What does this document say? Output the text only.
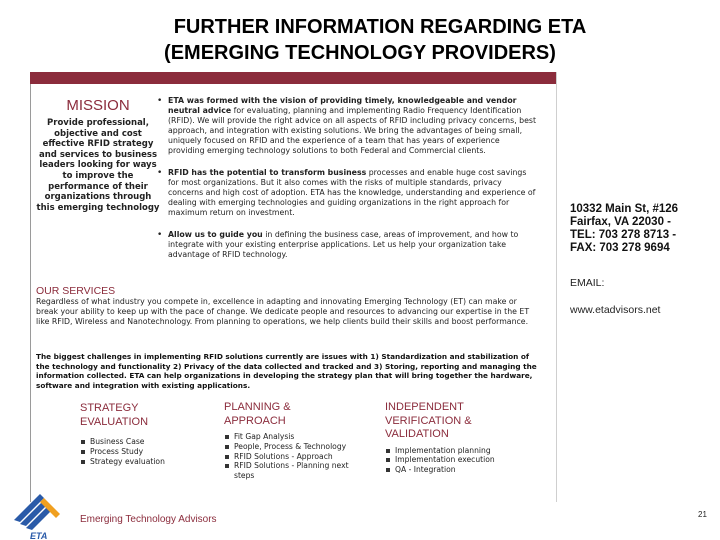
FURTHER INFORMATION REGARDING ETA
(EMERGING TECHNOLOGY PROVIDERS)
MISSION
Provide professional, objective and cost effective RFID strategy and services to business leaders looking for ways to improve the performance of their organizations through this emerging technology
• ETA was formed with the vision of providing timely, knowledgeable and vendor neutral advice for evaluating, planning and implementing Radio Frequency Identification (RFID). We will provide the right advice on all aspects of RFID including privacy concerns, best approach, and integration with existing solutions. We bring the advantages of being small, uniquely focused on RFID and the experience of a team that has years of experience providing emerging technology solutions to both Federal and Commercial clients.
• RFID has the potential to transform business processes and enable huge cost savings for most organizations. But it also comes with the risks of multiple standards, privacy concerns and high cost of adoption. ETA has the knowledge, understanding and experience of dealing with emerging technologies and guiding organizations in the right approach for maximum return on investment.
• Allow us to guide you in defining the business case, areas of improvement, and how to integrate with your existing enterprise applications. Let us help your organization take advantage of RFID technology.
OUR SERVICES
Regardless of what industry you compete in, excellence in adapting and innovating Emerging Technology (ET) can make or break your ability to keep up with the pace of change. We dedicate people and resources to advancing our expertise in the ET like RFID, Wireless and Nanotechnology. From planning to operations, we help clients build their skills and boost performance.
The biggest challenges in implementing RFID solutions currently are issues with 1) Standardization and stabilization of the technology and functionality 2) Privacy of the data collected and tracked and 3) Storing, reporting and managing the information collected. ETA can help organizations in developing the strategy plan that will bring together the hardware, software and integration with existing applications.
STRATEGY EVALUATION
Business Case
Process Study
Strategy evaluation
PLANNING & APPROACH
Fit Gap Analysis
People, Process & Technology
RFID Solutions - Approach
RFID Solutions - Planning next steps
INDEPENDENT VERIFICATION & VALIDATION
Implementation planning
Implementation execution
QA - Integration
10332 Main St, #126
Fairfax, VA 22030 -
TEL: 703 278 8713 -
FAX: 703 278 9694
EMAIL:
www.etadvisors.net
ETA
Emerging Technology Advisors	21
